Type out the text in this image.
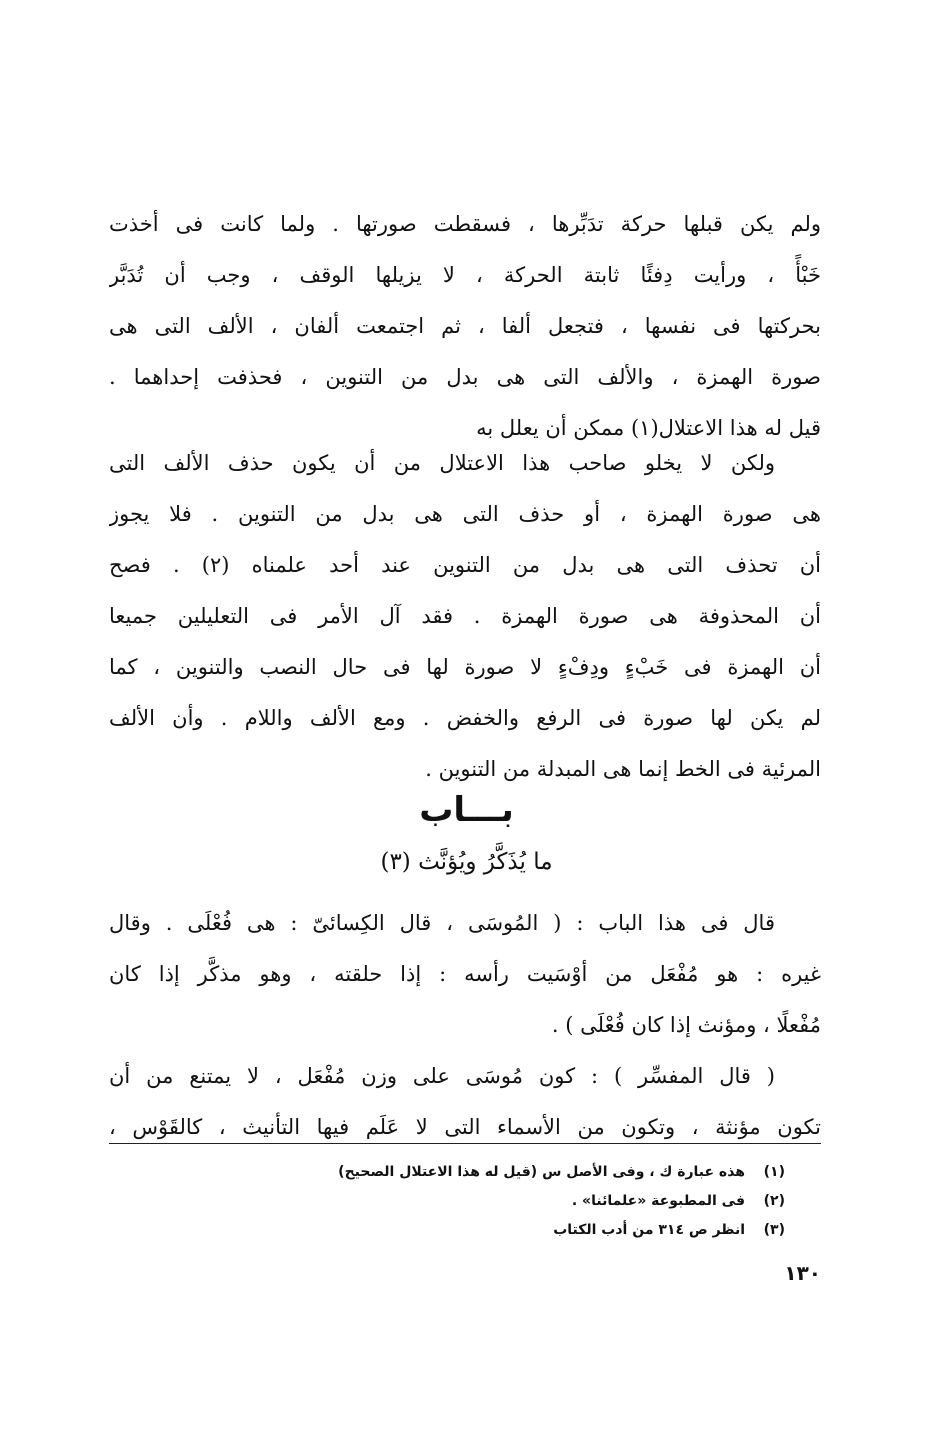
ولم يكن قبلها حركة تدَبِّرها ، فسقطت صورتها . ولما كانت فى أخذت
خَبْأً ، ورأيت دِفئًا ثابتة الحركة ، لا يزيلها الوقف ، وجب أن تُدَبَّر
بحركتها فى نفسها ، فتجعل ألفا ، ثم اجتمعت ألفان ، الألف التى هى
صورة الهمزة ، والألف التى هى بدل من التنوين ، فحذفت إحداهما .
قيل له هذا الاعتلال(١) ممكن أن يعلل به
ولكن لا يخلو صاحب هذا الاعتلال من أن يكون حذف الألف التى
هى صورة الهمزة ، أو حذف التى هى بدل من التنوين . فلا يجوز
أن تحذف التى هى بدل من التنوين عند أحد علمناه (٢) . فصح
أن المحذوفة هى صورة الهمزة . فقد آل الأمر فى التعليلين جميعا
أن الهمزة فى خَبْءٍ ودِفْءٍ لا صورة لها فى حال النصب والتنوين ، كما
لم يكن لها صورة فى الرفع والخفض . ومع الألف واللام . وأن الألف
المرئية فى الخط إنما هى المبدلة من التنوين .
بـــاب
ما يُذَكَّرُ ويُؤنَّث (٣)
قال فى هذا الباب : ( المُوسَى ، قال الكِسائىّ : هى فُعْلَى . وقال
غيره : هو مُفْعَل من أوْسَيت رأسه : إذا حلقته ، وهو مذكَّر إذا كان
مُفْعلًا ، ومؤنث إذا كان فُعْلَى ) .
( قال المفسِّر ) : كون مُوسَى على وزن مُفْعَل ، لا يمتنع من أن
تكون مؤنثة ، وتكون من الأسماء التى لا عَلَم فيها التأنيث ، كالقَوْس ،
(١)هذه عبارة ك ، وفى الأصل س (قيل له هذا الاعتلال الصحيح)
(٢)فى المطبوعة «علمائنا» .
(٣)انظر ص ٣١٤ من أدب الكتاب
١٣٠
